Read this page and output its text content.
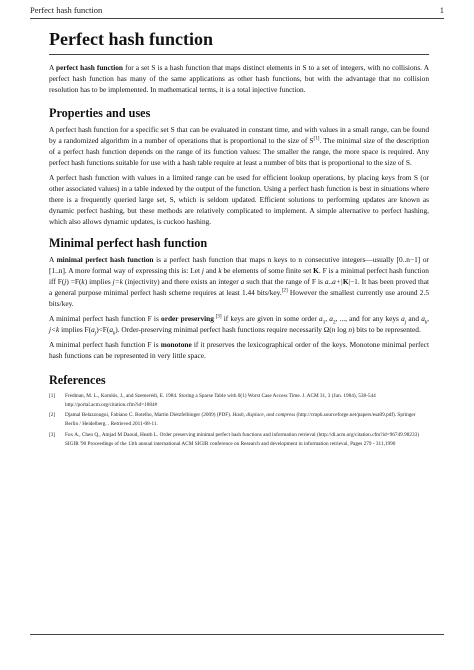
Perfect hash function	1
Perfect hash function

A perfect hash function for a set S is a hash function that maps distinct elements in S to a set of integers, with no collisions. A perfect hash function has many of the same applications as other hash functions, but with the advantage that no collision resolution has to be implemented. In mathematical terms, it is a total injective function.

Properties and uses

A perfect hash function for a specific set S that can be evaluated in constant time, and with values in a small range, can be found by a randomized algorithm in a number of operations that is proportional to the size of S[1]. The minimal size of the description of a perfect hash function depends on the range of its function values: The smaller the range, the more space is required. Any perfect hash functions suitable for use with a hash table require at least a number of bits that is proportional to the size of S.

A perfect hash function with values in a limited range can be used for efficient lookup operations, by placing keys from S (or other associated values) in a table indexed by the output of the function. Using a perfect hash function is best in situations where there is a frequently queried large set, S, which is seldom updated. Efficient solutions to performing updates are known as dynamic perfect hashing, but these methods are relatively complicated to implement. A simple alternative to perfect hashing, which also allows dynamic updates, is cuckoo hashing.

Minimal perfect hash function

A minimal perfect hash function is a perfect hash function that maps n keys to n consecutive integers—usually [0..n−1] or [1..n]. A more formal way of expressing this is: Let j and k be elements of some finite set K. F is a minimal perfect hash function iff F(j) =F(k) implies j=k (injectivity) and there exists an integer a such that the range of F is a..a+|K|−1. It has been proved that a general purpose minimal perfect hash scheme requires at least 1.44 bits/key.[2] However the smallest currently use around 2.5 bits/key.

A minimal perfect hash function F is order preserving [3] if keys are given in some order $a_1$, $a_2$, ..., and for any keys $a_j$ and $a_k$, j<k implies $F(a_j)<F(a_k)$. Order-preserving minimal perfect hash functions require necessarily Ω(n log n) bits to be represented.

A minimal perfect hash function F is monotone if it preserves the lexicographical order of the keys. Monotone minimal perfect hash functions can be represented in very little space.

References
[1] Fredman, M. L., Komlós, J., and Szemerédi, E. 1984. Storing a Sparse Table with 0(1) Worst Case Access Time. J. ACM 31, 3 (Jun. 1984), 538-544 http://portal.acm.org/citation.cfm?id=1884#
[2] Djamal Belazzougui, Fabiano C. Botelho, Martin Dietzfelbinger (2009) (PDF). Hash, displace, and compress (http://cmph.sourceforge.net/papers/esa09.pdf). Springer Berlin / Heidelberg. . Retrieved 2011-08-11.
[3] Fox A., Chen Q., Amjad M Daoud, Heath L. Order preserving minimal perfect hash functions and information retrieval (http://dl.acm.org/citation.cfm?id=96749.98233) SIGIR '90 Proceedings of the 13th annual international ACM SIGIR conference on Research and development in information retrieval, Pages 279 - 311,1990
